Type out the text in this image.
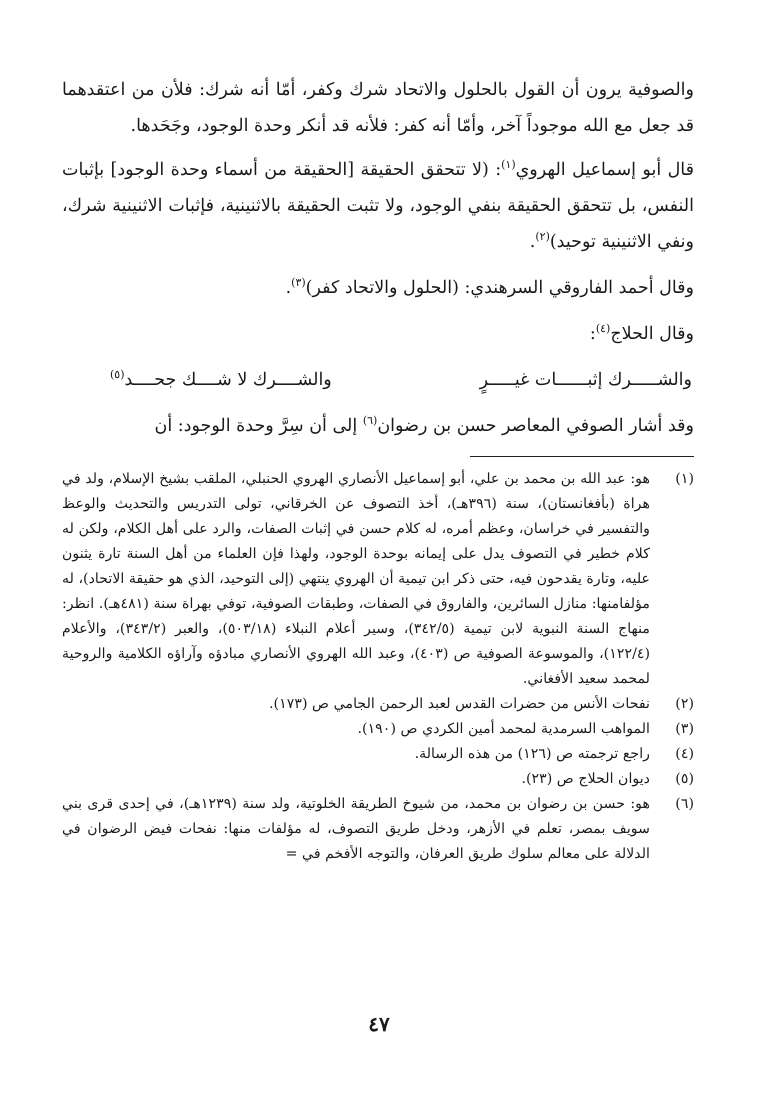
والصوفية يرون أن القول بالحلول والاتحاد شرك وكفر، أمّا أنه شرك: فلأن من اعتقدهما قد جعل مع الله موجوداً آخر، وأمّا أنه كفر: فلأنه قد أنكر وحدة الوجود، وجَحَدها.

قال أبو إسماعيل الهروي$^{(١)}$: (لا تتحقق الحقيقة [الحقيقة من أسماء وحدة الوجود] بإثبات النفس، بل تتحقق الحقيقة بنفي الوجود، ولا تثبت الحقيقة بالاثنينية، فإثبات الاثنينية شرك، ونفي الاثنينية توحيد)$^{(٢)}$.

وقال أحمد الفاروقي السرهندي: (الحلول والاتحاد كفر)$^{(٣)}$.

وقال الحلاج$^{(٤)}$:

والشـــــرك إثبــــــات غيـــــرٍ
والشــــرك لا شــــك جحــــد$^{(٥)}$

وقد أشار الصوفي المعاصر حسن بن رضوان$^{(٦)}$ إلى أن سِرَّ وحدة الوجود: أن

(١)
هو: عبد الله بن محمد بن علي، أبو إسماعيل الأنصاري الهروي الحنبلي، الملقب بشيخ الإسلام، ولد في هراة (بأفغانستان)، سنة (٣٩٦هـ)، أخذ التصوف عن الخرقاني، تولى التدريس والتحديث والوعظ والتفسير في خراسان، وعظم أمره، له كلام حسن في إثبات الصفات، والرد على أهل الكلام، ولكن له كلام خطير في التصوف يدل على إيمانه بوحدة الوجود، ولهذا فإن العلماء من أهل السنة تارة يثنون عليه، وتارة يقدحون فيه، حتى ذكر ابن تيمية أن الهروي ينتهي (إلى التوحيد، الذي هو حقيقة الاتحاد)، له مؤلفامنها: منازل السائرين، والفاروق في الصفات، وطبقات الصوفية، توفي بهراة سنة (٤٨١هـ). انظر: منهاج السنة النبوية لابن تيمية (٣٤٢/٥)، وسير أعلام النبلاء (٥٠٣/١٨)، والعبر (٣٤٣/٢)، والأعلام (١٢٢/٤)، والموسوعة الصوفية ص (٤٠٣)، وعبد الله الهروي الأنصاري مبادؤه وآراؤه الكلامية والروحية لمحمد سعيد الأفغاني.
(٢)
نفحات الأنس من حضرات القدس لعبد الرحمن الجامي ص (١٧٣).
(٣)
المواهب السرمدية لمحمد أمين الكردي ص (١٩٠).
(٤)
راجع ترجمته ص (١٢٦) من هذه الرسالة.
(٥)
ديوان الحلاج ص (٢٣).
(٦)
هو: حسن بن رضوان بن محمد، من شيوخ الطريقة الخلوتية، ولد سنة (١٢٣٩هـ)، في إحدى قرى بني سويف بمصر، تعلم في الأزهر، ودخل طريق التصوف، له مؤلفات منها: نفحات فيض الرضوان في الدلالة على معالم سلوك طريق العرفان، والتوجه الأفخم في =
٤٧
